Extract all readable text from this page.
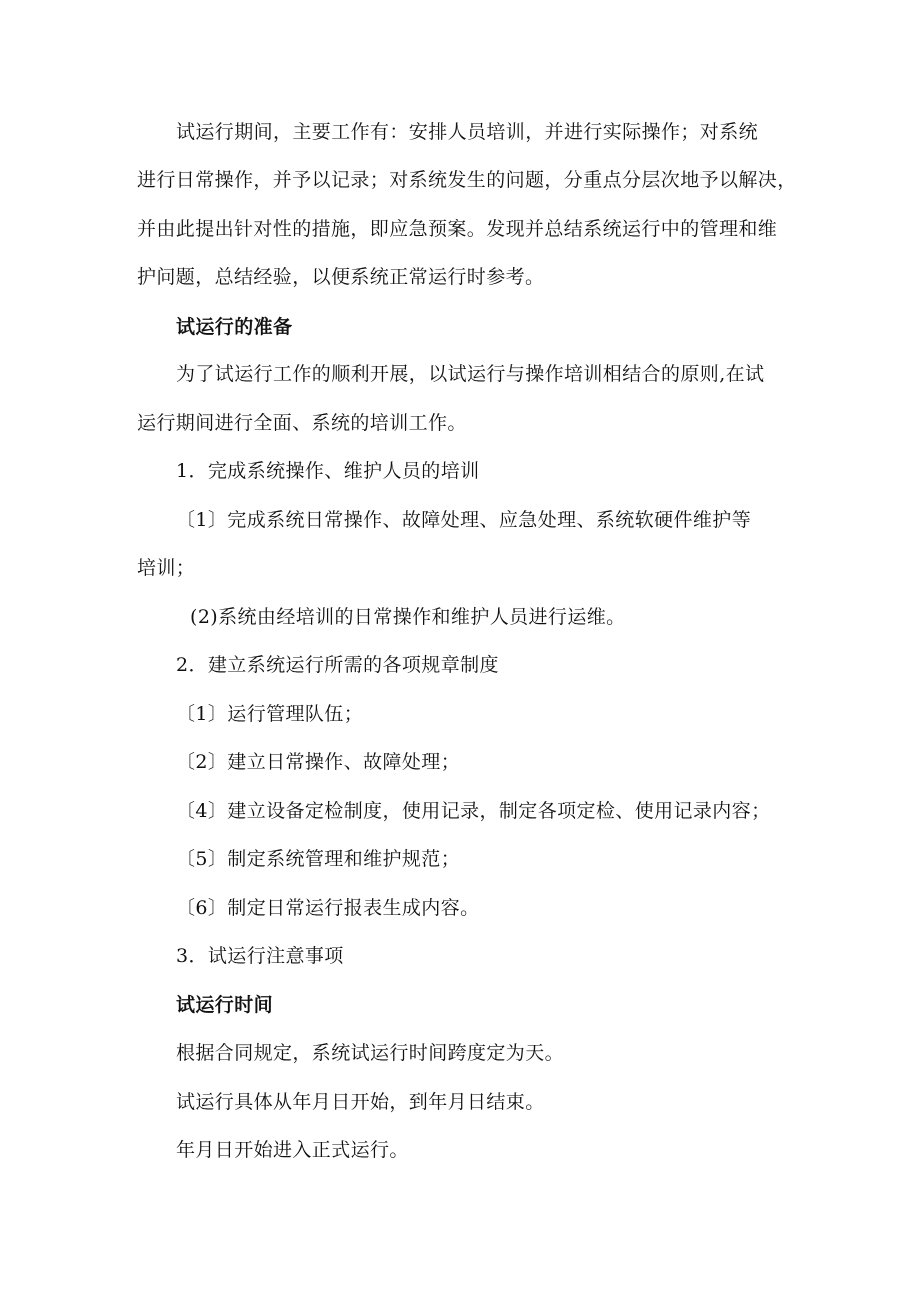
试运行期间，主要工作有：安排人员培训，并进行实际操作；对系统
进行日常操作，并予以记录；对系统发生的问题，分重点分层次地予以解决，
并由此提出针对性的措施，即应急预案。发现并总结系统运行中的管理和维
护问题，总结经验，以便系统正常运行时参考。
试运行的准备
为了试运行工作的顺利开展，以试运行与操作培训相结合的原则,在试
运行期间进行全面、系统的培训工作。
1．完成系统操作、维护人员的培训
〔1〕完成系统日常操作、故障处理、应急处理、系统软硬件维护等
培训；
(2)系统由经培训的日常操作和维护人员进行运维。
2．建立系统运行所需的各项规章制度
〔1〕运行管理队伍；
〔2〕建立日常操作、故障处理；
〔4〕建立设备定检制度，使用记录，制定各项定检、使用记录内容；
〔5〕制定系统管理和维护规范；
〔6〕制定日常运行报表生成内容。
3．试运行注意事项
试运行时间
根据合同规定，系统试运行时间跨度定为天。
试运行具体从年月日开始，到年月日结束。
年月日开始进入正式运行。
